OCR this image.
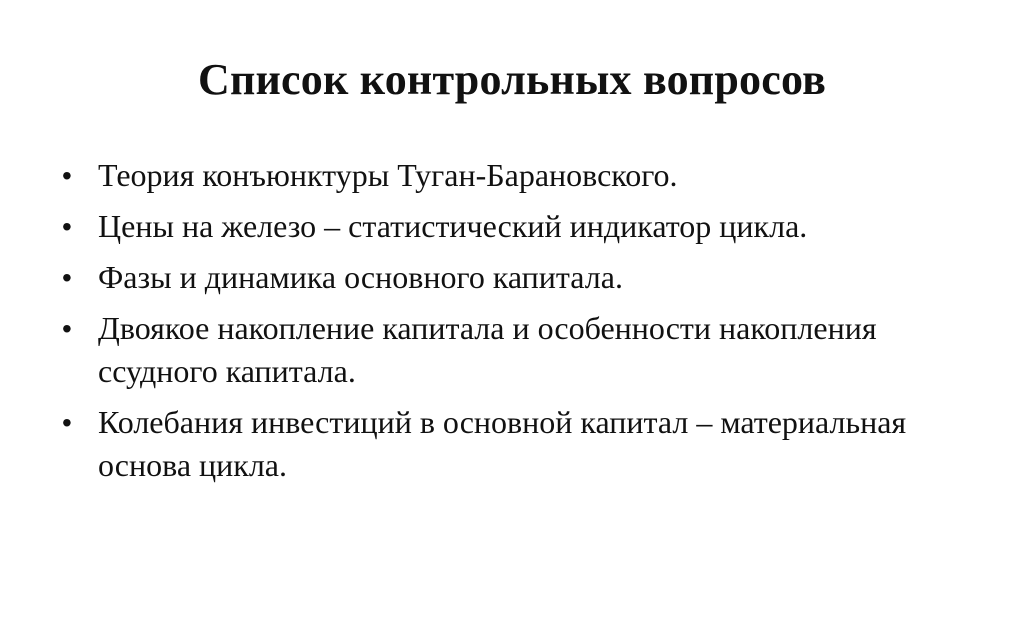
Список контрольных вопросов
• Теория конъюнктуры Туган-Барановского.
• Цены на железо – статистический индикатор цикла.
• Фазы и динамика основного капитала.
• Двоякое накопление капитала и особенности накопления ссудного капитала.
• Колебания инвестиций в основной капитал – материальная основа цикла.
